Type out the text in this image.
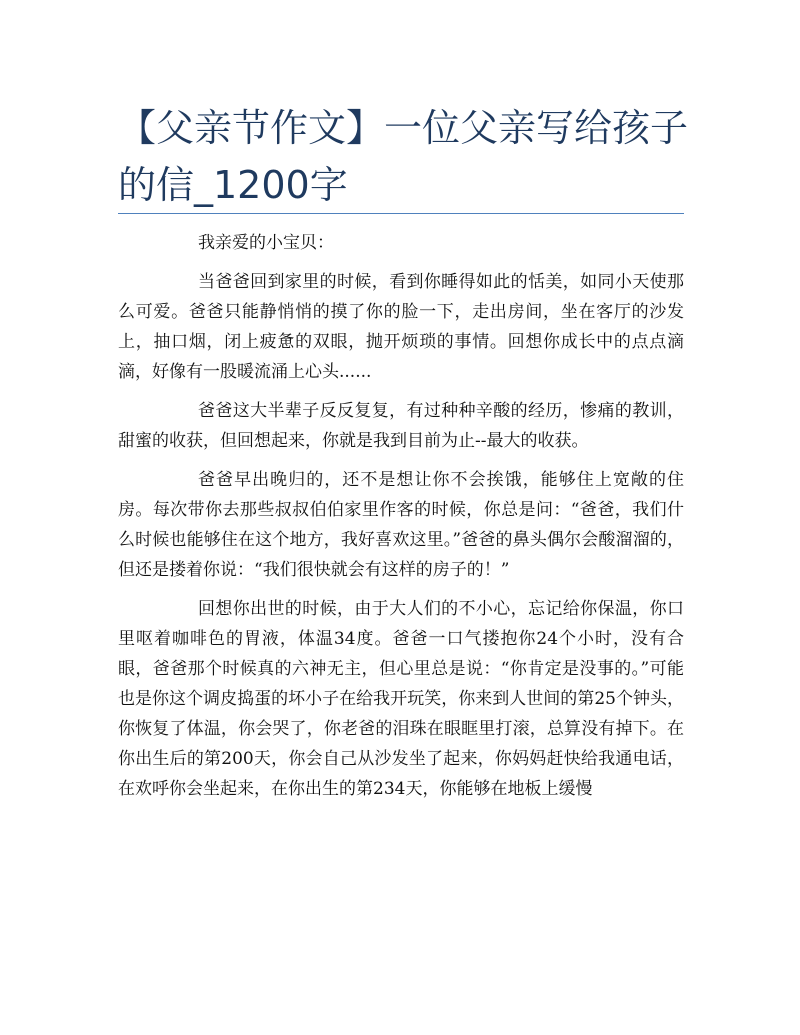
【父亲节作文】一位父亲写给孩子的信_1200字

我亲爱的小宝贝：

当爸爸回到家里的时候，看到你睡得如此的恬美，如同小天使那么可爱。爸爸只能静悄悄的摸了你的脸一下，走出房间，坐在客厅的沙发上，抽口烟，闭上疲惫的双眼，抛开烦琐的事情。回想你成长中的点点滴滴，好像有一股暖流涌上心头......

爸爸这大半辈子反反复复，有过种种辛酸的经历，惨痛的教训，甜蜜的收获，但回想起来，你就是我到目前为止--最大的收获。

爸爸早出晚归的，还不是想让你不会挨饿，能够住上宽敞的住房。每次带你去那些叔叔伯伯家里作客的时候，你总是问：“爸爸，我们什么时候也能够住在这个地方，我好喜欢这里。”爸爸的鼻头偶尔会酸溜溜的，但还是搂着你说：“我们很快就会有这样的房子的！”

回想你出世的时候，由于大人们的不小心，忘记给你保温，你口里呕着咖啡色的胃液，体温34度。爸爸一口气搂抱你24个小时，没有合眼，爸爸那个时候真的六神无主，但心里总是说：“你肯定是没事的。”可能也是你这个调皮捣蛋的坏小子在给我开玩笑，你来到人世间的第25个钟头，你恢复了体温，你会哭了，你老爸的泪珠在眼眶里打滚，总算没有掉下。在你出生后的第200天，你会自己从沙发坐了起来，你妈妈赶快给我通电话，在欢呼你会坐起来，在你出生的第234天，你能够在地板上缓慢
